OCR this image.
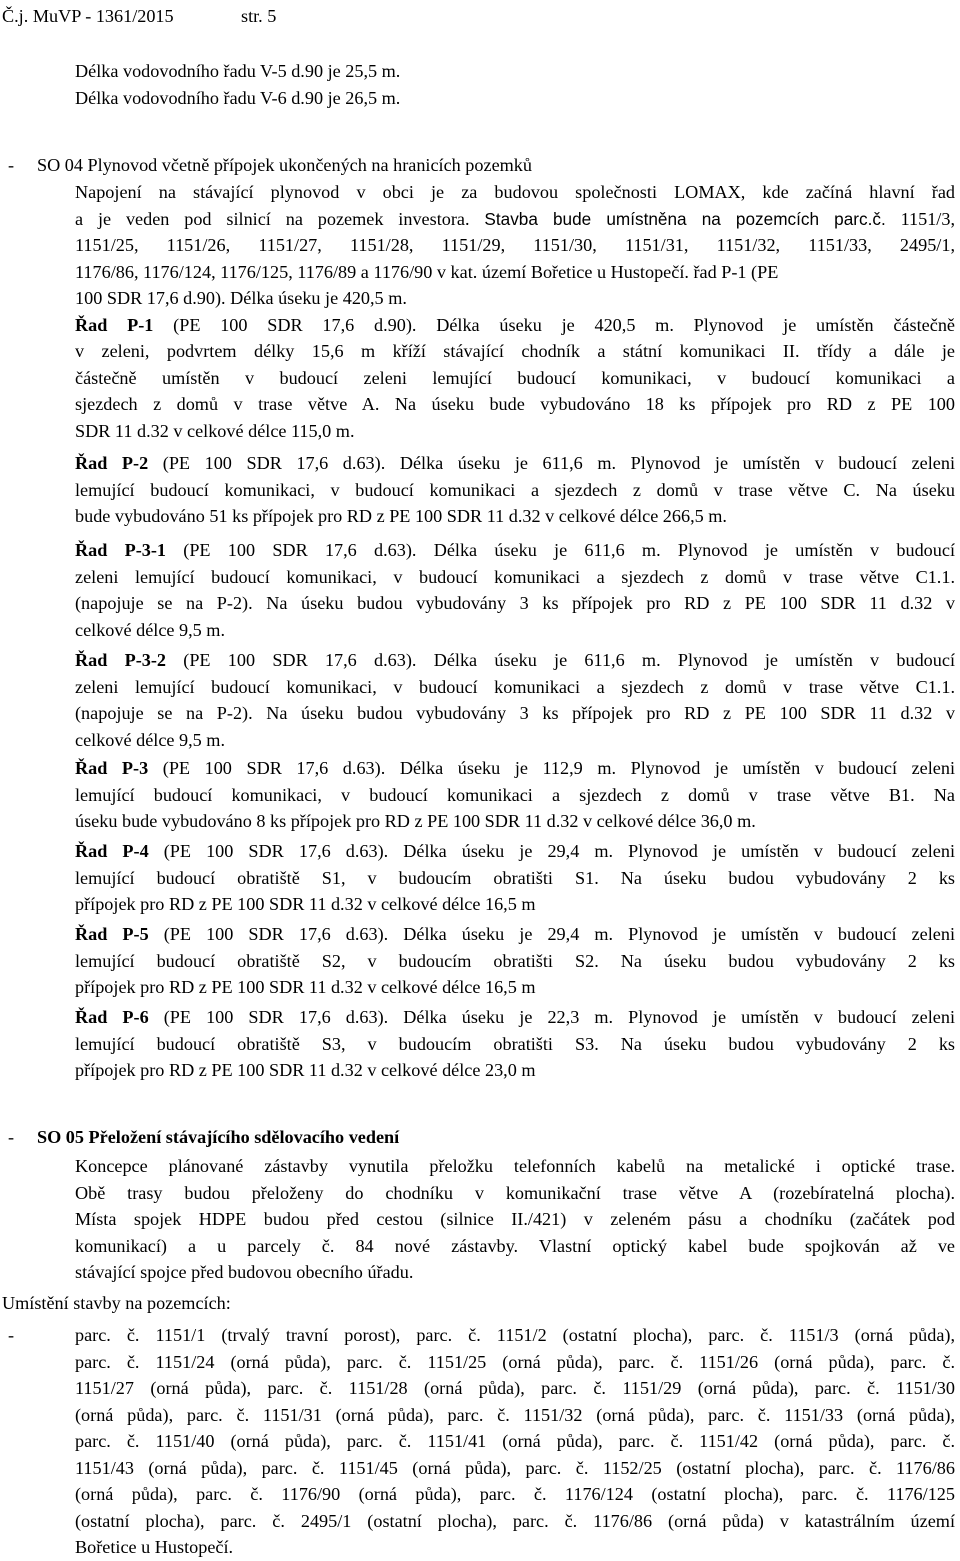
Č.j. MuVP - 1361/2015	str. 5
Délka vodovodního řadu V-5 d.90 je 25,5 m.
Délka vodovodního řadu V-6 d.90 je 26,5 m.
- SO 04 Plynovod včetně přípojek ukončených na hranicích pozemků
Napojení na stávající plynovod v obci je za budovou společnosti LOMAX, kde začíná hlavní řad
a je veden pod silnicí na pozemek investora. Stavba bude umístněna na pozemcích parc.č. 1151/3,
1151/25, 1151/26, 1151/27, 1151/28, 1151/29, 1151/30, 1151/31, 1151/32, 1151/33, 2495/1,
1176/86, 1176/124, 1176/125, 1176/89 a 1176/90 v kat. území Bořetice u Hustopečí. řad P-1 (PE
100 SDR 17,6 d.90). Délka úseku je 420,5 m.
Řad P-1 (PE 100 SDR 17,6 d.90). Délka úseku je 420,5 m. Plynovod je umístěn částečně
v zeleni, podvrtem délky 15,6 m kříží stávající chodník a státní komunikaci II. třídy a dále je
částečně umístěn v budoucí zeleni lemující budoucí komunikaci, v budoucí komunikaci a
sjezdech z domů v trase větve A. Na úseku bude vybudováno 18 ks přípojek pro RD z PE 100
SDR 11 d.32 v celkové délce 115,0 m.
Řad P-2 (PE 100 SDR 17,6 d.63). Délka úseku je 611,6 m. Plynovod je umístěn v budoucí zeleni
lemující budoucí komunikaci, v budoucí komunikaci a sjezdech z domů v trase větve C. Na úseku
bude vybudováno 51 ks přípojek pro RD z PE 100 SDR 11 d.32 v celkové délce 266,5 m.
Řad P-3-1 (PE 100 SDR 17,6 d.63). Délka úseku je 611,6 m. Plynovod je umístěn v budoucí
zeleni lemující budoucí komunikaci, v budoucí komunikaci a sjezdech z domů v trase větve C1.1.
(napojuje se na P-2). Na úseku budou vybudovány 3 ks přípojek pro RD z PE 100 SDR 11 d.32 v
celkové délce 9,5 m.
Řad P-3-2 (PE 100 SDR 17,6 d.63). Délka úseku je 611,6 m. Plynovod je umístěn v budoucí
zeleni lemující budoucí komunikaci, v budoucí komunikaci a sjezdech z domů v trase větve C1.1.
(napojuje se na P-2). Na úseku budou vybudovány 3 ks přípojek pro RD z PE 100 SDR 11 d.32 v
celkové délce 9,5 m.
Řad P-3 (PE 100 SDR 17,6 d.63). Délka úseku je 112,9 m. Plynovod je umístěn v budoucí zeleni
lemující budoucí komunikaci, v budoucí komunikaci a sjezdech z domů v trase větve B1. Na
úseku bude vybudováno 8 ks přípojek pro RD z PE 100 SDR 11 d.32 v celkové délce 36,0 m.
Řad P-4 (PE 100 SDR 17,6 d.63). Délka úseku je 29,4 m. Plynovod je umístěn v budoucí zeleni
lemující budoucí obratiště S1, v budoucím obratišti S1. Na úseku budou vybudovány 2 ks
přípojek pro RD z PE 100 SDR 11 d.32 v celkové délce 16,5 m
Řad P-5 (PE 100 SDR 17,6 d.63). Délka úseku je 29,4 m. Plynovod je umístěn v budoucí zeleni
lemující budoucí obratiště S2, v budoucím obratišti S2. Na úseku budou vybudovány 2 ks
přípojek pro RD z PE 100 SDR 11 d.32 v celkové délce 16,5 m
Řad P-6 (PE 100 SDR 17,6 d.63). Délka úseku je 22,3 m. Plynovod je umístěn v budoucí zeleni
lemující budoucí obratiště S3, v budoucím obratišti S3. Na úseku budou vybudovány 2 ks
přípojek pro RD z PE 100 SDR 11 d.32 v celkové délce 23,0 m
- SO 05 Přeložení stávajícího sdělovacího vedení
Koncepce plánované zástavby vynutila přeložku telefonních kabelů na metalické i optické trase.
Obě trasy budou přeloženy do chodníku v komunikační trase větve A (rozebíratelná plocha).
Místa spojek HDPE budou před cestou (silnice II./421) v zeleném pásu a chodníku (začátek pod
komunikací) a u parcely č. 84 nové zástavby. Vlastní optický kabel bude spojkován až ve
stávající spojce před budovou obecního úřadu.
Umístění stavby na pozemcích:
-	parc. č. 1151/1 (trvalý travní porost), parc. č. 1151/2 (ostatní plocha), parc. č. 1151/3 (orná půda),
parc. č. 1151/24 (orná půda), parc. č. 1151/25 (orná půda), parc. č. 1151/26 (orná půda), parc. č.
1151/27 (orná půda), parc. č. 1151/28 (orná půda), parc. č. 1151/29 (orná půda), parc. č. 1151/30
(orná půda), parc. č. 1151/31 (orná půda), parc. č. 1151/32 (orná půda), parc. č. 1151/33 (orná půda),
parc. č. 1151/40 (orná půda), parc. č. 1151/41 (orná půda), parc. č. 1151/42 (orná půda), parc. č.
1151/43 (orná půda), parc. č. 1151/45 (orná půda), parc. č. 1152/25 (ostatní plocha), parc. č. 1176/86
(orná půda), parc. č. 1176/90 (orná půda), parc. č. 1176/124 (ostatní plocha), parc. č. 1176/125
(ostatní plocha), parc. č. 2495/1 (ostatní plocha), parc. č. 1176/86 (orná půda) v katastrálním území
Bořetice u Hustopečí.
